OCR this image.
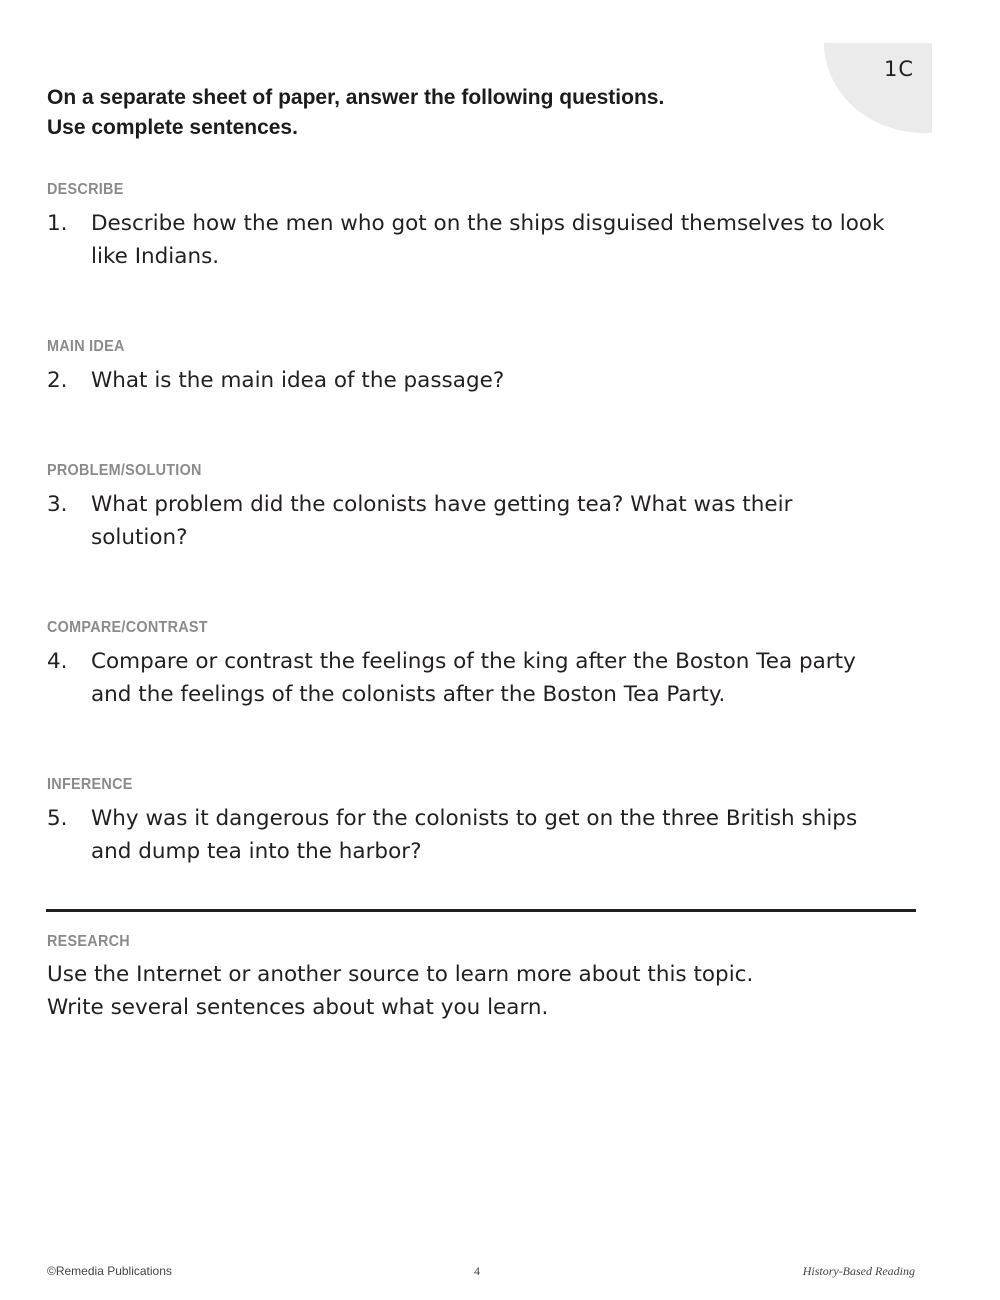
1C
On a separate sheet of paper, answer the following questions.
Use complete sentences.
DESCRIBE
1.	Describe how the men who got on the ships disguised themselves to look
like Indians.
MAIN IDEA
2.	What is the main idea of the passage?
PROBLEM/SOLUTION
3.	What problem did the colonists have getting tea? What was their
solution?
COMPARE/CONTRAST
4.	Compare or contrast the feelings of the king after the Boston Tea party
and the feelings of the colonists after the Boston Tea Party.
INFERENCE
5.	Why was it dangerous for the colonists to get on the three British ships
and dump tea into the harbor?
RESEARCH
Use the Internet or another source to learn more about this topic.
Write several sentences about what you learn.
©Remedia Publications	4	History-Based Reading
